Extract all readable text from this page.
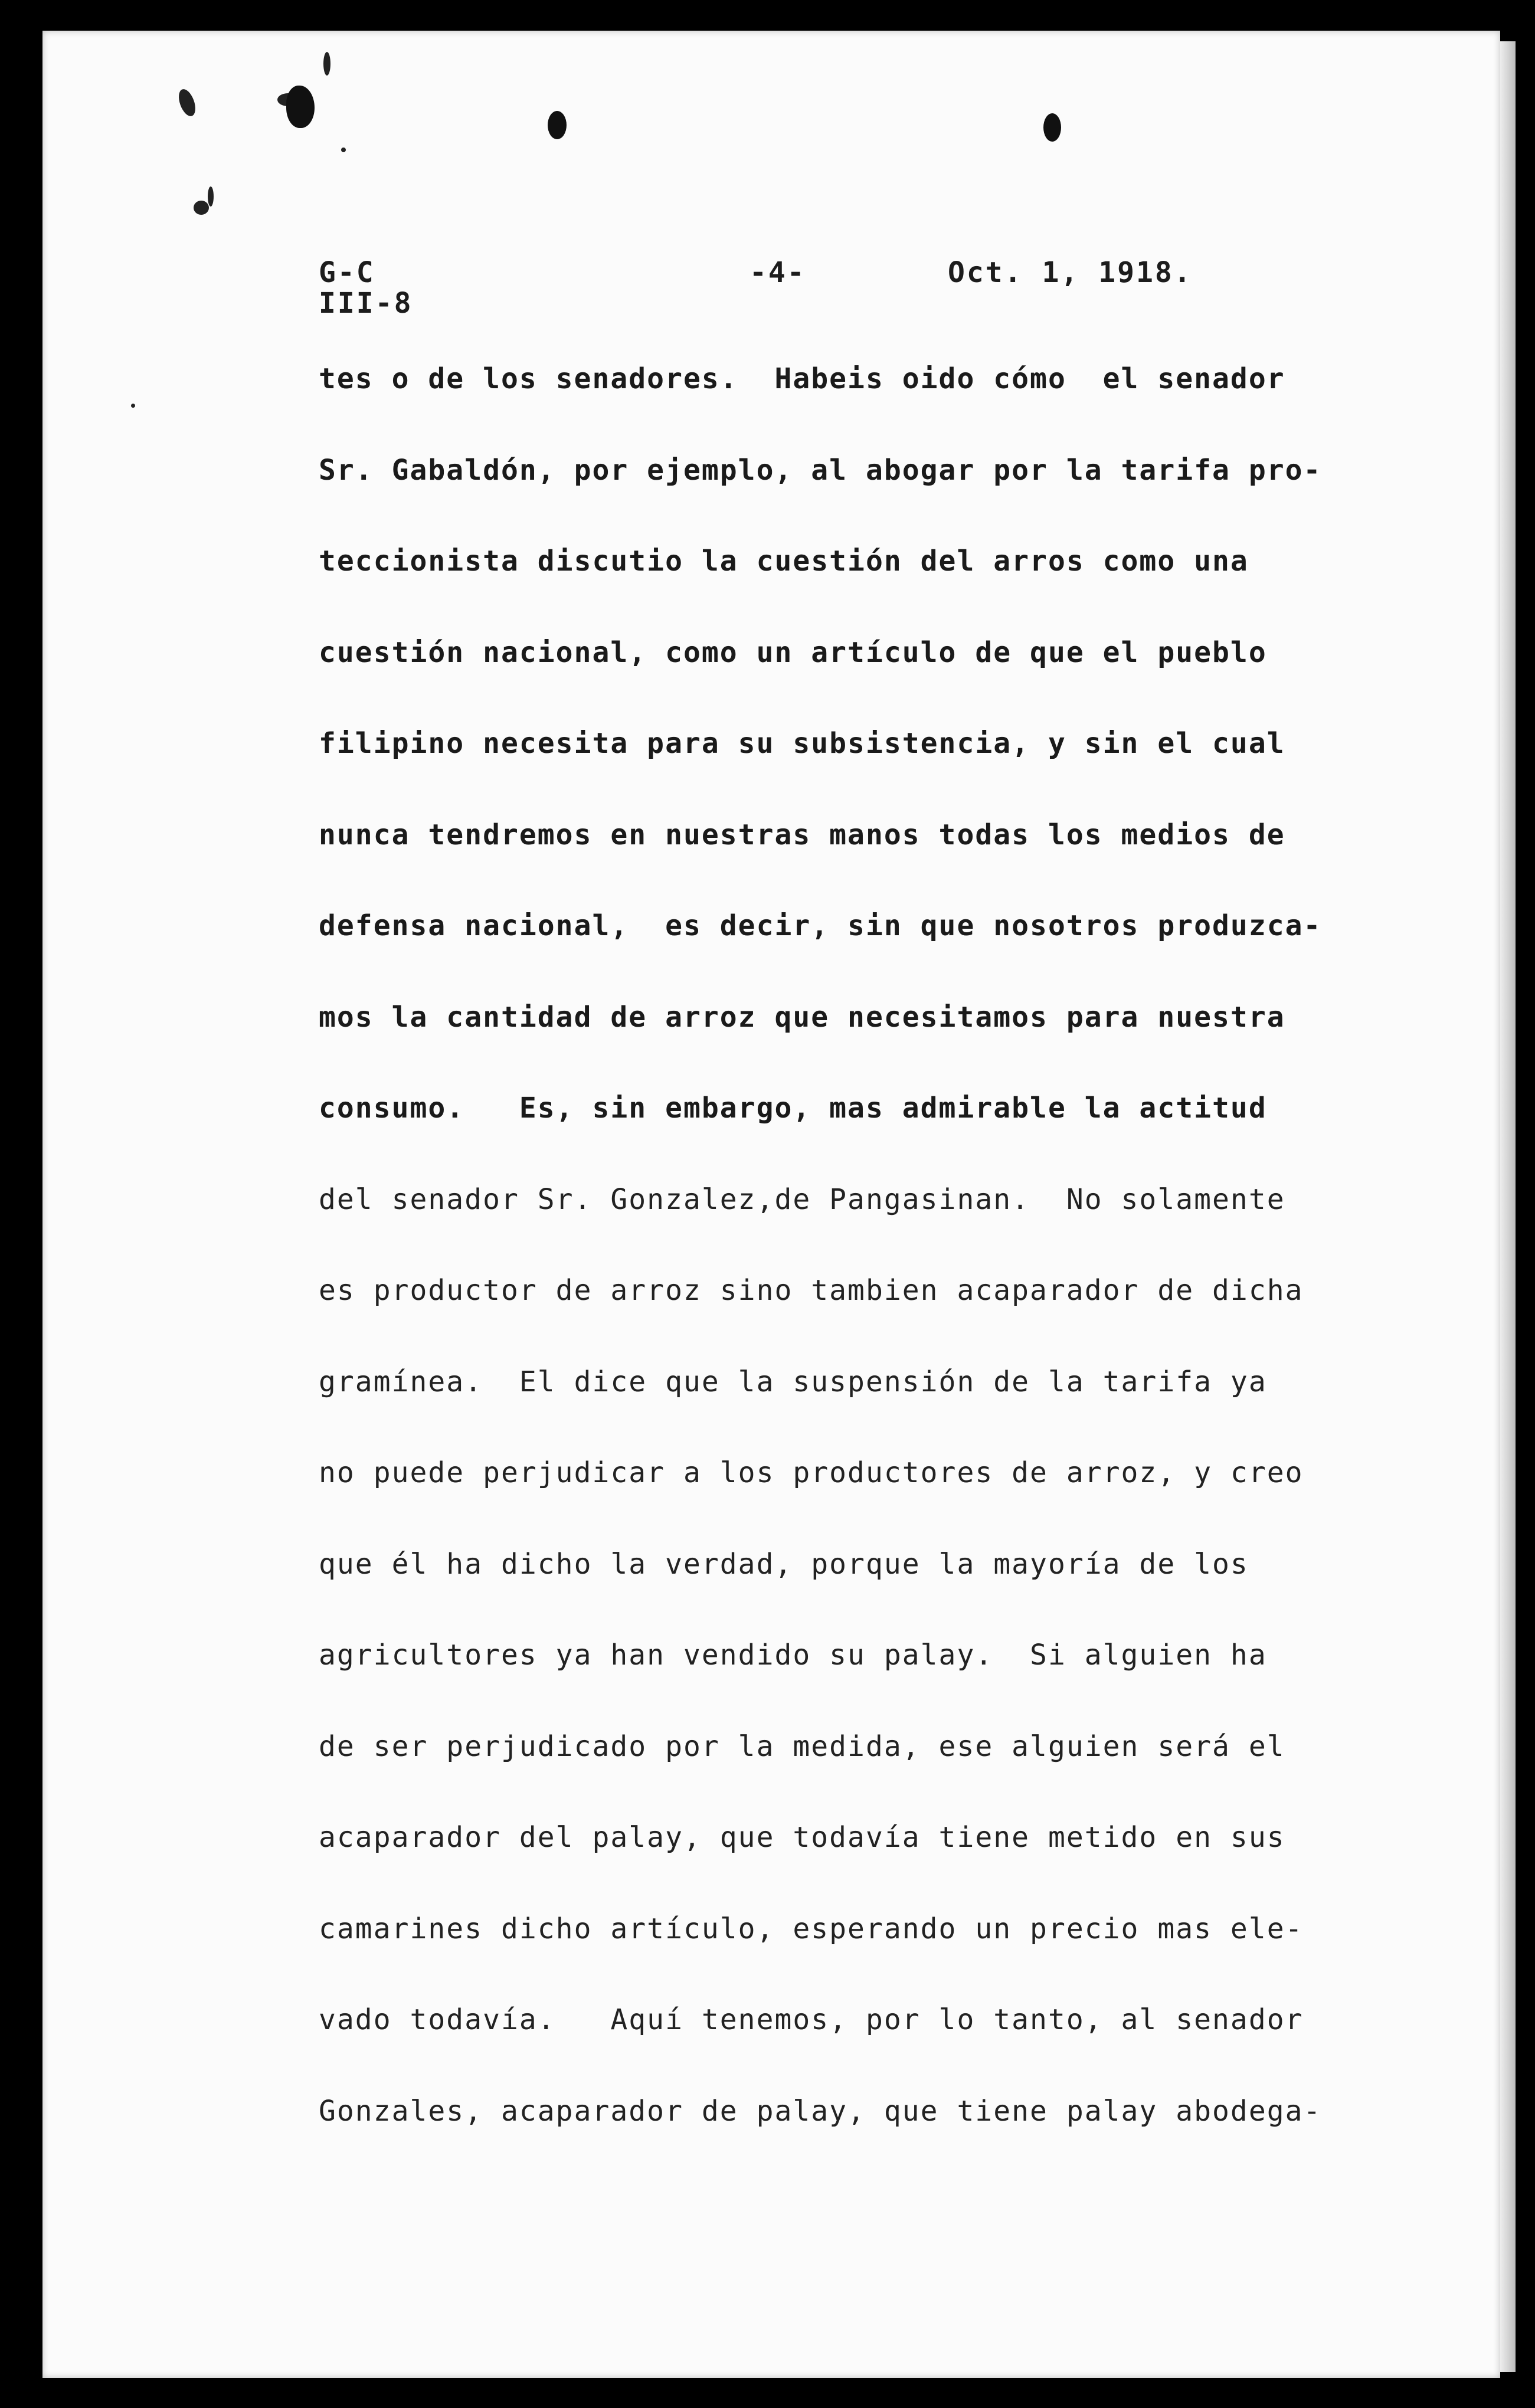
G-C
III-8
-4-	Oct. 1, 1918.
tes o de los senadores.  Habeis oido cómo  el senador
Sr. Gabaldón, por ejemplo, al abogar por la tarifa pro-
teccionista discutio la cuestión del arros como una
cuestión nacional, como un artículo de que el pueblo
filipino necesita para su subsistencia, y sin el cual
nunca tendremos en nuestras manos todas los medios de
defensa nacional,  es decir, sin que nosotros produzca-
mos la cantidad de arroz que necesitamos para nuestra
consumo.   Es, sin embargo, mas admirable la actitud
del senador Sr. Gonzalez,de Pangasinan.  No solamente
es productor de arroz sino tambien acaparador de dicha
gramínea.  El dice que la suspensión de la tarifa ya
no puede perjudicar a los productores de arroz, y creo
que él ha dicho la verdad, porque la mayoría de los
agricultores ya han vendido su palay.  Si alguien ha
de ser perjudicado por la medida, ese alguien será el
acaparador del palay, que todavía tiene metido en sus
camarines dicho artículo, esperando un precio mas ele-
vado todavía.   Aquí tenemos, por lo tanto, al senador
Gonzales, acaparador de palay, que tiene palay abodega-
